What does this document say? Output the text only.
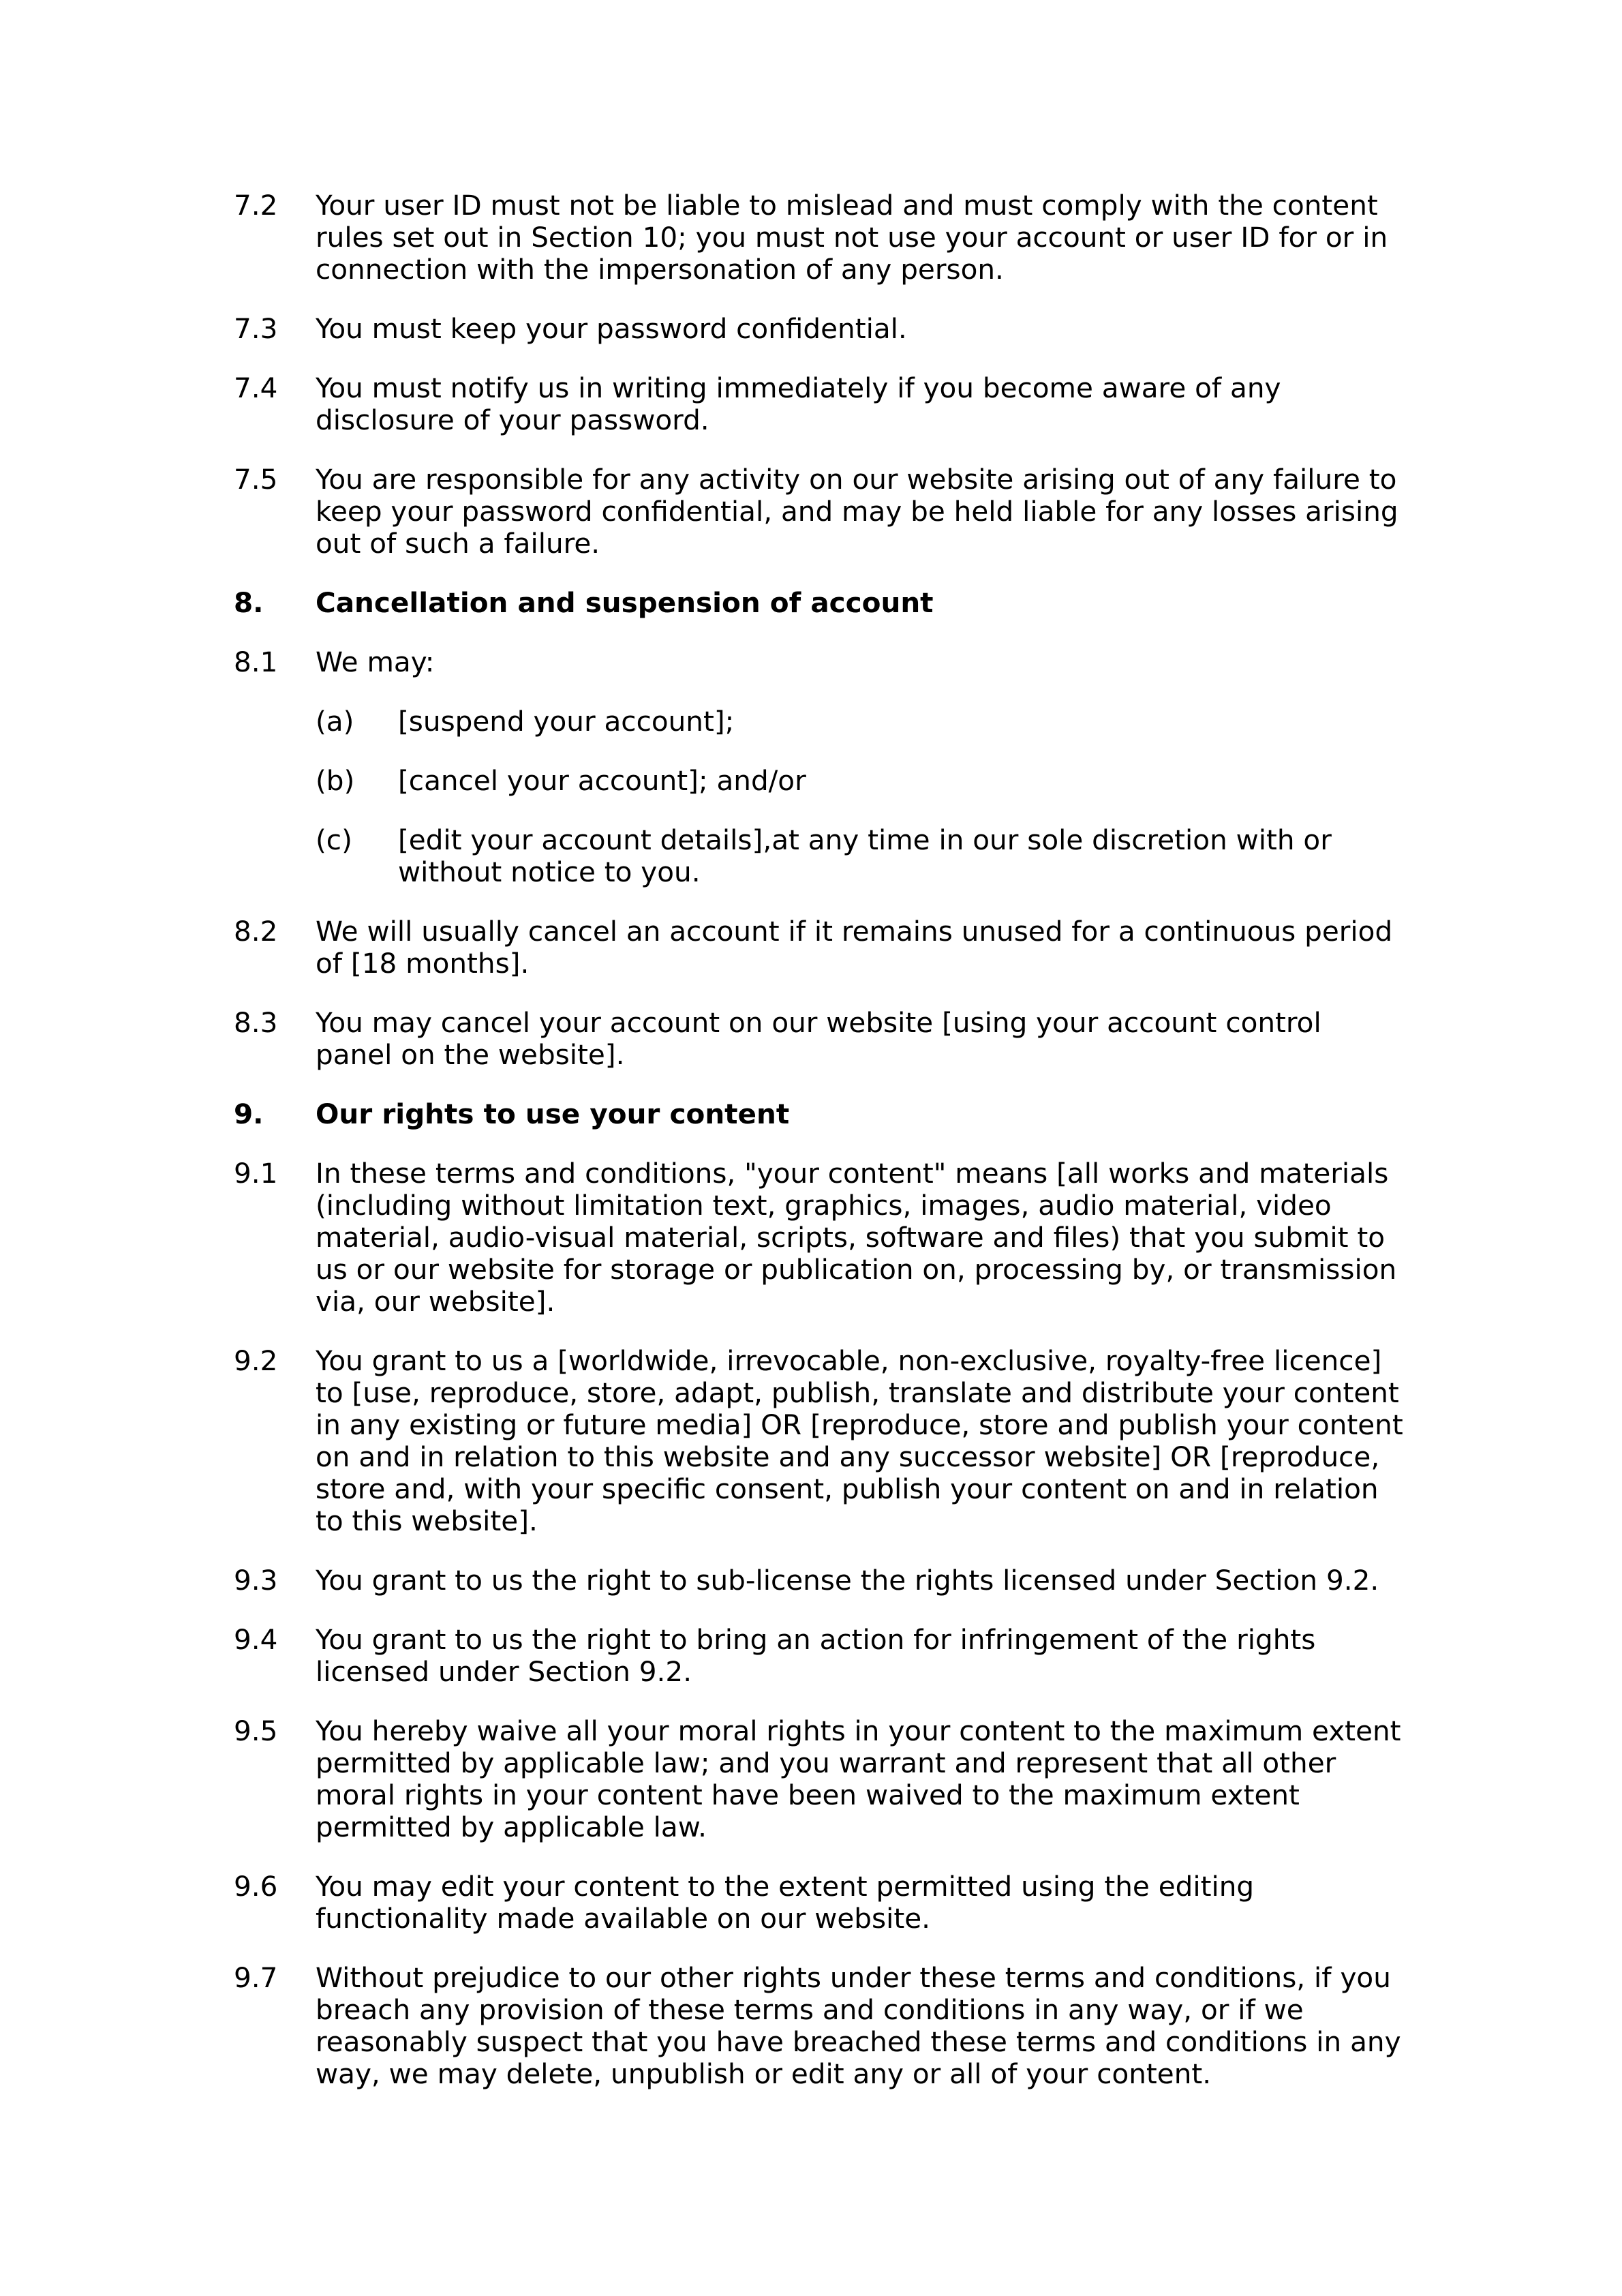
7.2	Your user ID must not be liable to mislead and must comply with the content rules set out in Section 10; you must not use your account or user ID for or in connection with the impersonation of any person.
7.3	You must keep your password confidential.
7.4	You must notify us in writing immediately if you become aware of any disclosure of your password.
7.5	You are responsible for any activity on our website arising out of any failure to keep your password confidential, and may be held liable for any losses arising out of such a failure.
8.	Cancellation and suspension of account
8.1	We may:
(a)	[suspend your account];
(b)	[cancel your account]; and/or
(c)	[edit your account details],at any time in our sole discretion with or without notice to you.
8.2	We will usually cancel an account if it remains unused for a continuous period of [18 months].
8.3	You may cancel your account on our website [using your account control panel on the website].
9.	Our rights to use your content
9.1	In these terms and conditions, "your content" means [all works and materials (including without limitation text, graphics, images, audio material, video material, audio-visual material, scripts, software and files) that you submit to us or our website for storage or publication on, processing by, or transmission via, our website].
9.2	You grant to us a [worldwide, irrevocable, non-exclusive, royalty-free licence] to [use, reproduce, store, adapt, publish, translate and distribute your content in any existing or future media] OR [reproduce, store and publish your content on and in relation to this website and any successor website] OR [reproduce, store and, with your specific consent, publish your content on and in relation to this website].
9.3	You grant to us the right to sub-license the rights licensed under Section 9.2.
9.4	You grant to us the right to bring an action for infringement of the rights licensed under Section 9.2.
9.5	You hereby waive all your moral rights in your content to the maximum extent permitted by applicable law; and you warrant and represent that all other moral rights in your content have been waived to the maximum extent permitted by applicable law.
9.6	You may edit your content to the extent permitted using the editing functionality made available on our website.
9.7	Without prejudice to our other rights under these terms and conditions, if you breach any provision of these terms and conditions in any way, or if we reasonably suspect that you have breached these terms and conditions in any way, we may delete, unpublish or edit any or all of your content.
